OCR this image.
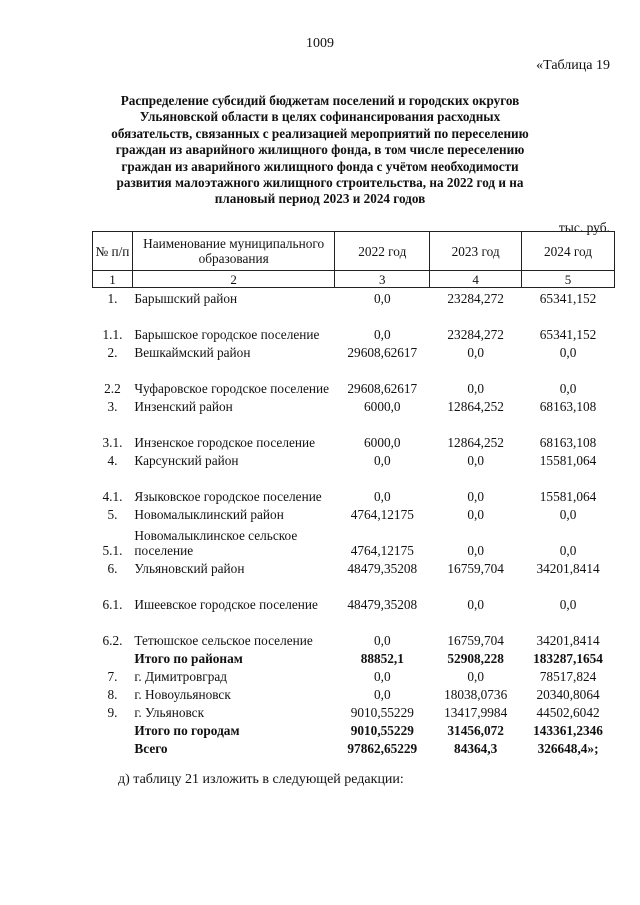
1009
«Таблица 19
Распределение субсидий бюджетам поселений и городских округов Ульяновской области в целях софинансирования расходных обязательств, связанных с реализацией мероприятий по переселению граждан из аварийного жилищного фонда, в том числе переселению граждан из аварийного жилищного фонда с учётом необходимости развития малоэтажного жилищного строительства, на 2022 год и на плановый период 2023 и 2024 годов
тыс. руб.
№ п/п	Наименование муниципального образования	2022 год	2023 год	2024 год
1	2	3	4	5
1.	Барышский район	0,0	23284,272	65341,152
1.1.	Барышское городское поселение	0,0	23284,272	65341,152
2.	Вешкаймский район	29608,62617	0,0	0,0
2.2	Чуфаровское городское поселение	29608,62617	0,0	0,0
3.	Инзенский район	6000,0	12864,252	68163,108
3.1.	Инзенское городское поселение	6000,0	12864,252	68163,108
4.	Карсунский район	0,0	0,0	15581,064
4.1.	Языковское городское поселение	0,0	0,0	15581,064
5.	Новомалыклинский район	4764,12175	0,0	0,0
5.1.	Новомалыклинское сельское поселение	4764,12175	0,0	0,0
6.	Ульяновский район	48479,35208	16759,704	34201,8414
6.1.	Ишеевское городское поселение	48479,35208	0,0	0,0
6.2.	Тетюшское сельское поселение	0,0	16759,704	34201,8414
	Итого по районам	88852,1	52908,228	183287,1654
7.	г. Димитровград	0,0	0,0	78517,824
8.	г. Новоульяновск	0,0	18038,0736	20340,8064
9.	г. Ульяновск	9010,55229	13417,9984	44502,6042
	Итого по городам	9010,55229	31456,072	143361,2346
	Всего	97862,65229	84364,3	326648,4»;
д) таблицу 21 изложить в следующей редакции:
